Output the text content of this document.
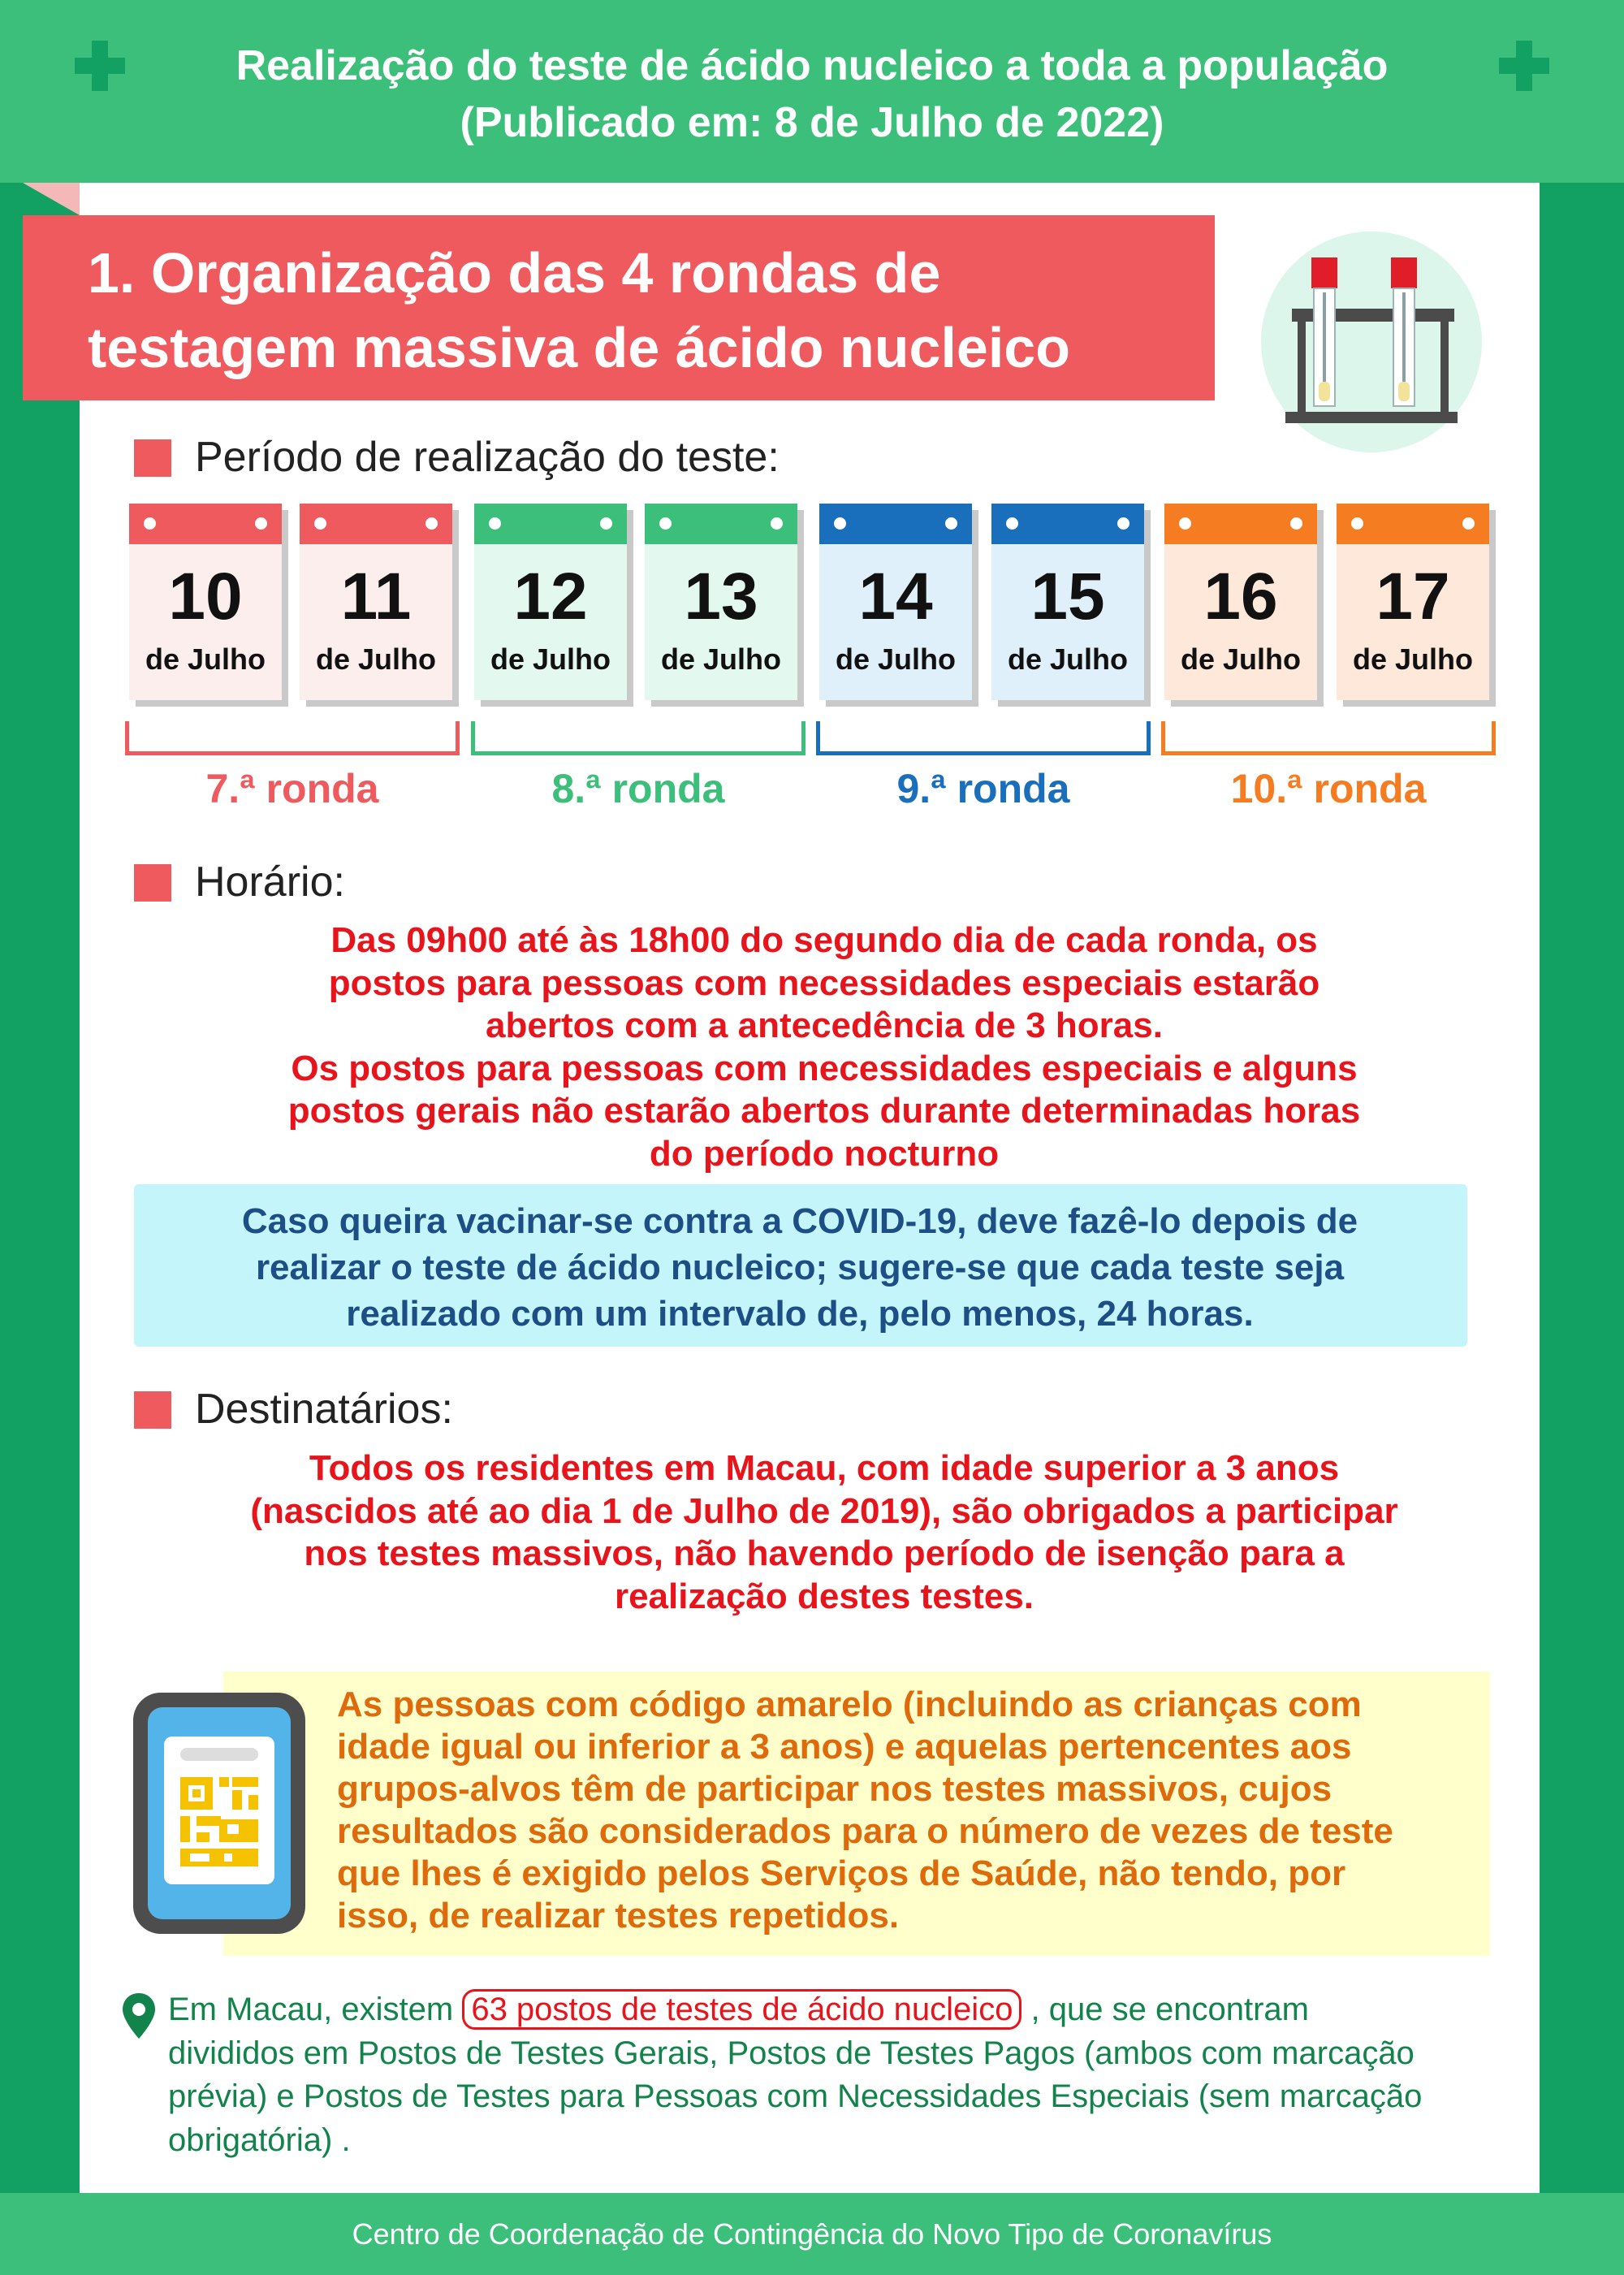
Realização do teste de ácido nucleico a toda a população
(Publicado em: 8 de Julho de 2022)
1. Organização das 4 rondas de
testagem massiva de ácido nucleico
Período de realização do teste:
10
de Julho
11
de Julho
12
de Julho
13
de Julho
14
de Julho
15
de Julho
16
de Julho
17
de Julho
7.ª ronda	8.ª ronda	9.ª ronda	10.ª ronda
Horário:
Das 09h00 até às 18h00 do segundo dia de cada ronda, os
postos para pessoas com necessidades especiais estarão
abertos com a antecedência de 3 horas.
Os postos para pessoas com necessidades especiais e alguns
postos gerais não estarão abertos durante determinadas horas
do período nocturno
Caso queira vacinar-se contra a COVID-19, deve fazê-lo depois de
realizar o teste de ácido nucleico; sugere-se que cada teste seja
realizado com um intervalo de, pelo menos, 24 horas.
Destinatários:
Todos os residentes em Macau, com idade superior a 3 anos
(nascidos até ao dia 1 de Julho de 2019), são obrigados a participar
nos testes massivos, não havendo período de isenção para a
realização destes testes.
As pessoas com código amarelo (incluindo as crianças com
idade igual ou inferior a 3 anos) e aquelas pertencentes aos
grupos-alvos têm de participar nos testes massivos, cujos
resultados são considerados para o número de vezes de teste
que lhes é exigido pelos Serviços de Saúde, não tendo, por
isso, de realizar testes repetidos.
Em Macau, existem 63 postos de testes de ácido nucleico , que se encontram
divididos em Postos de Testes Gerais, Postos de Testes Pagos (ambos com marcação
prévia) e Postos de Testes para Pessoas com Necessidades Especiais (sem marcação
obrigatória) .
Centro de Coordenação de Contingência do Novo Tipo de Coronavírus
